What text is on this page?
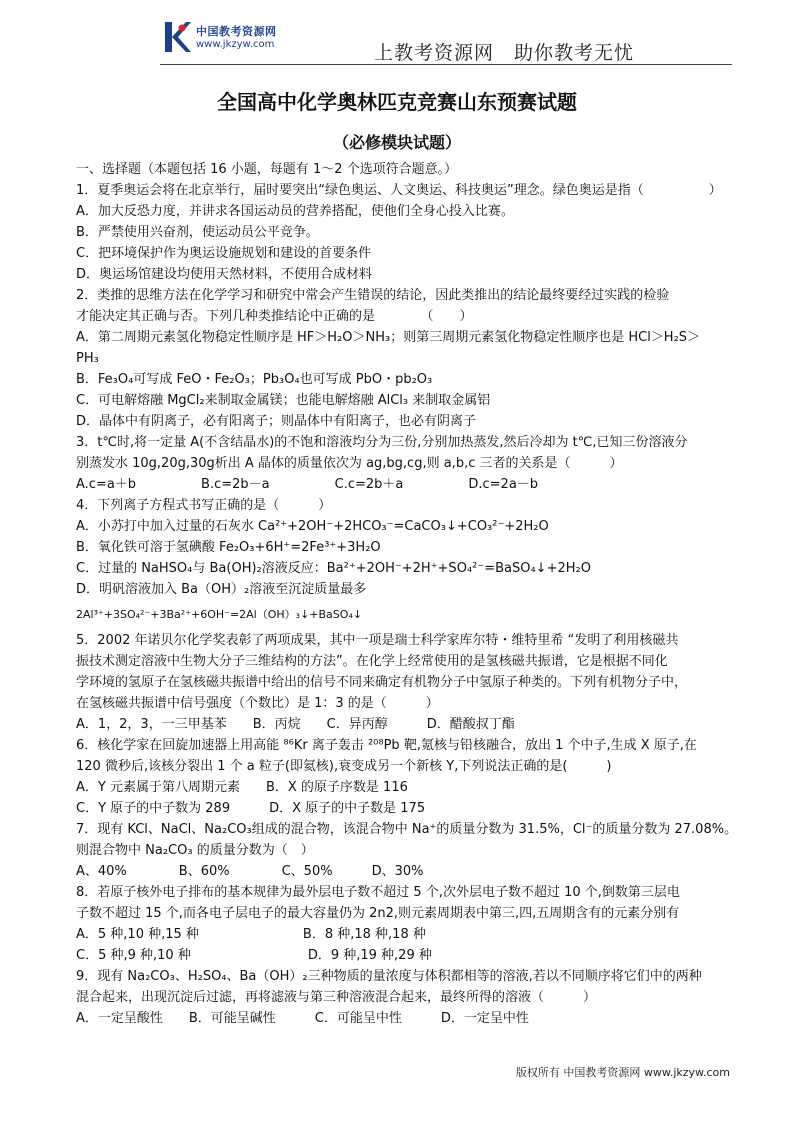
中国教考资源网
www.jkzyw.com	上教考资源网　助你教考无忧
全国高中化学奥林匹克竞赛山东预赛试题
（必修模块试题）
一、选择题（本题包括 16 小题，每题有 1～2 个选项符合题意。）
1．夏季奥运会将在北京举行，届时要突出“绿色奥运、人文奥运、科技奥运”理念。绿色奥运是指（　　　　　）
A．加大反恐力度，并讲求各国运动员的营养搭配，使他们全身心投入比赛。
B．严禁使用兴奋剂，使运动员公平竞争。
C．把环境保护作为奥运设施规划和建设的首要条件
D．奥运场馆建设均使用天然材料，不使用合成材料
2．类推的思维方法在化学学习和研究中常会产生错误的结论，因此类推出的结论最终要经过实践的检验
才能决定其正确与否。下列几种类推结论中正确的是　　　　（　　）
A．第二周期元素氢化物稳定性顺序是 HF＞H₂O＞NH₃；则第三周期元素氢化物稳定性顺序也是 HCl＞H₂S＞
PH₃
B．Fe₃O₄可写成 FeO・Fe₂O₃；Pb₃O₄也可写成 PbO・pb₂O₃
C．可电解熔融 MgCl₂来制取金属镁；也能电解熔融 AlCl₃ 来制取金属铝
D．晶体中有阴离子，必有阳离子；则晶体中有阳离子，也必有阴离子
3．t℃时,将一定量 A(不含结晶水)的不饱和溶液均分为三份,分别加热蒸发,然后冷却为 t℃,已知三份溶液分
别蒸发水 10g,20g,30g析出 A 晶体的质量依次为 ag,bg,cg,则 a,b,c 三者的关系是（　　　）
A.c=a＋b　　　　　B.c=2b－a　　　　　C.c=2b＋a　　　　　D.c=2a－b
4．下列离子方程式书写正确的是（　　　）
A．小苏打中加入过量的石灰水 Ca²⁺+2OH⁻+2HCO₃⁻=CaCO₃↓+CO₃²⁻+2H₂O
B．氧化铁可溶于氢碘酸 Fe₂O₃+6H⁺=2Fe³⁺+3H₂O
C．过量的 NaHSO₄与 Ba(OH)₂溶液反应：Ba²⁺+2OH⁻+2H⁺+SO₄²⁻=BaSO₄↓+2H₂O
D．明矾溶液加入 Ba（OH）₂溶液至沉淀质量最多
2Al³⁺+3SO₄²⁻+3Ba²⁺+6OH⁻=2Al（OH）₃↓+BaSO₄↓
5．2002 年诺贝尔化学奖表彰了两项成果，其中一项是瑞士科学家库尔特・维特里希 “发明了利用核磁共
振技术测定溶液中生物大分子三维结构的方法”。在化学上经常使用的是氢核磁共振谱，它是根据不同化
学环境的氢原子在氢核磁共振谱中给出的信号不同来确定有机物分子中氢原子种类的。下列有机物分子中，
在氢核磁共振谱中信号强度（个数比）是 1：3 的是（　　　）
A．1，2，3，一三甲基苯　　B．丙烷　　C．异丙醇　　　D．醋酸叔丁酯
6．核化学家在回旋加速器上用高能 ⁸⁶Kr 离子轰击 ²⁰⁸Pb 靶,氪核与铅核融合，放出 1 个中子,生成 X 原子,在
120 微秒后,该核分裂出 1 个 a 粒子(即氦核),衰变成另一个新核 Y,下列说法正确的是(　　　)
A．Y 元素属于第八周期元素　　B．X 的原子序数是 116
C．Y 原子的中子数为 289　　　D．X 原子的中子数是 175
7．现有 KCl、NaCl、Na₂CO₃组成的混合物，该混合物中 Na⁺的质量分数为 31.5%，Cl⁻的质量分数为 27.08%。
则混合物中 Na₂CO₃ 的质量分数为（　）
A、40%　　　　B、60%　　　　C、50%　　　D、30%
8．若原子核外电子排布的基本规律为最外层电子数不超过 5 个,次外层电子数不超过 10 个,倒数第三层电
子数不超过 15 个,而各电子层电子的最大容量仍为 2n2,则元素周期表中第三,四,五周期含有的元素分别有
A．5 种,10 种,15 种　　　　　　　　B．8 种,18 种,18 种
C．5 种,9 种,10 种　　　　　　　　　D．9 种,19 种,29 种
9．现有 Na₂CO₃、H₂SO₄、Ba（OH）₂三种物质的量浓度与体积都相等的溶液,若以不同顺序将它们中的两种
混合起来，出现沉淀后过滤，再将滤液与第三种溶液混合起来，最终所得的溶液（　　　）
A．一定呈酸性　　B．可能呈碱性　　　C．可能呈中性　　　D．一定呈中性
版权所有 中国教考资源网 www.jkzyw.com
